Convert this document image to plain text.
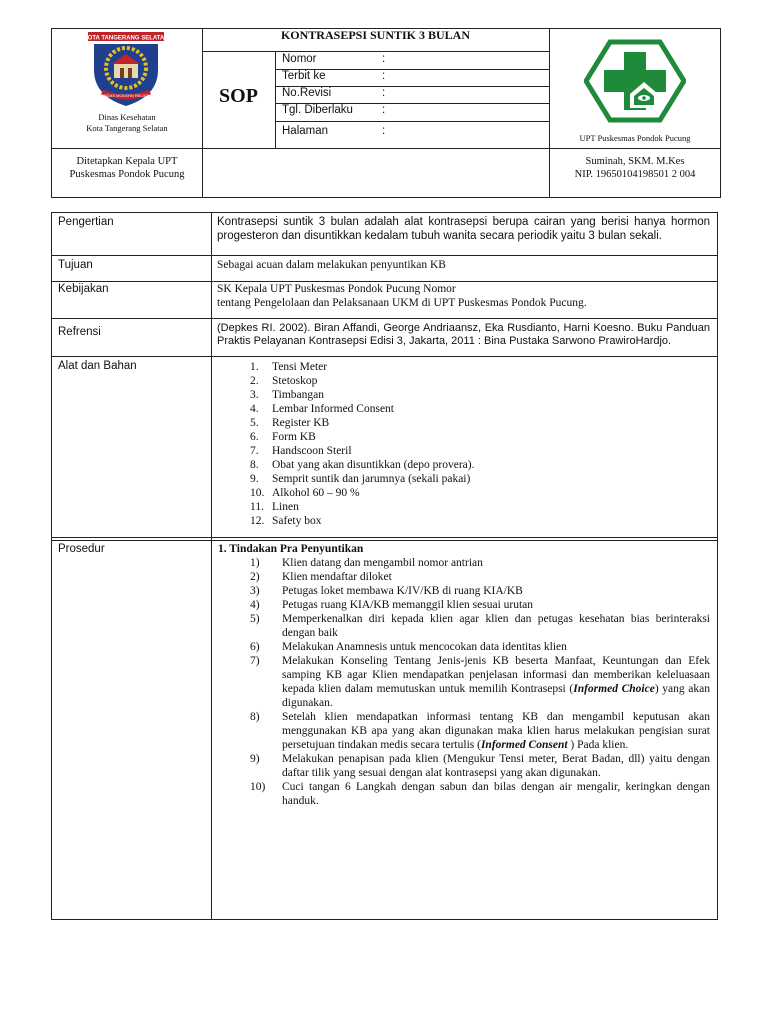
KOTA TANGERANG SELATAN
CERDAS MODERN RELIGIUS
Dinas Kesehatan
Kota Tangerang Selatan
KONTRASEPSI SUNTIK 3 BULAN
SOP
Nomor	:
Terbit ke	:
No.Revisi	:
Tgl. Diberlaku	:
Halaman	:
UPT Puskesmas Pondok Pucung
Ditetapkan Kepala UPT
Puskesmas Pondok Pucung
Suminah, SKM. M.Kes
NIP. 19650104198501 2 004
Pengertian	Kontrasepsi suntik 3 bulan adalah alat kontrasepsi berupa cairan yang berisi hanya hormon progesteron dan disuntikkan kedalam tubuh wanita secara periodik yaitu 3 bulan sekali.
Tujuan	Sebagai acuan dalam melakukan penyuntikan KB
Kebijakan	SK Kepala UPT Puskesmas Pondok Pucung Nomor
tentang Pengelolaan dan Pelaksanaan UKM di UPT Puskesmas Pondok Pucung.
Refrensi	(Depkes RI. 2002). Biran Affandi, George Andriaansz, Eka Rusdianto, Harni Koesno. Buku Panduan Praktis Pelayanan Kontrasepsi Edisi 3, Jakarta, 2011 : Bina Pustaka Sarwono PrawiroHardjo.
Alat dan Bahan	1. Tensi Meter
2. Stetoskop
3. Timbangan
4. Lembar Informed Consent
5. Register KB
6. Form KB
7. Handscoon Steril
8. Obat yang akan disuntikkan (depo provera).
9. Semprit suntik dan jarumnya (sekali pakai)
10. Alkohol 60 – 90 %
11. Linen
12. Safety box
Prosedur	1. Tindakan Pra Penyuntikan
1) Klien datang dan mengambil nomor antrian
2) Klien mendaftar diloket
3) Petugas loket membawa K/IV/KB di ruang KIA/KB
4) Petugas ruang KIA/KB memanggil klien sesuai urutan
5) Memperkenalkan diri kepada klien agar klien dan petugas kesehatan bias berinteraksi dengan baik
6) Melakukan Anamnesis untuk mencocokan data identitas klien
7) Melakukan Konseling Tentang Jenis-jenis KB beserta Manfaat, Keuntungan dan Efek samping KB agar Klien mendapatkan penjelasan informasi dan memberikan keleluasaan kepada klien dalam memutuskan untuk memilih Kontrasepsi (Informed Choice) yang akan digunakan.
8) Setelah klien mendapatkan informasi tentang KB dan mengambil keputusan akan menggunakan KB apa yang akan digunakan maka klien harus melakukan pengisian surat persetujuan tindakan medis secara tertulis (Informed Consent ) Pada klien.
9) Melakukan penapisan pada klien (Mengukur Tensi meter, Berat Badan, dll) yaitu dengan daftar tilik yang sesuai dengan alat kontrasepsi yang akan digunakan.
10) Cuci tangan 6 Langkah dengan sabun dan bilas dengan air mengalir, keringkan dengan handuk.
